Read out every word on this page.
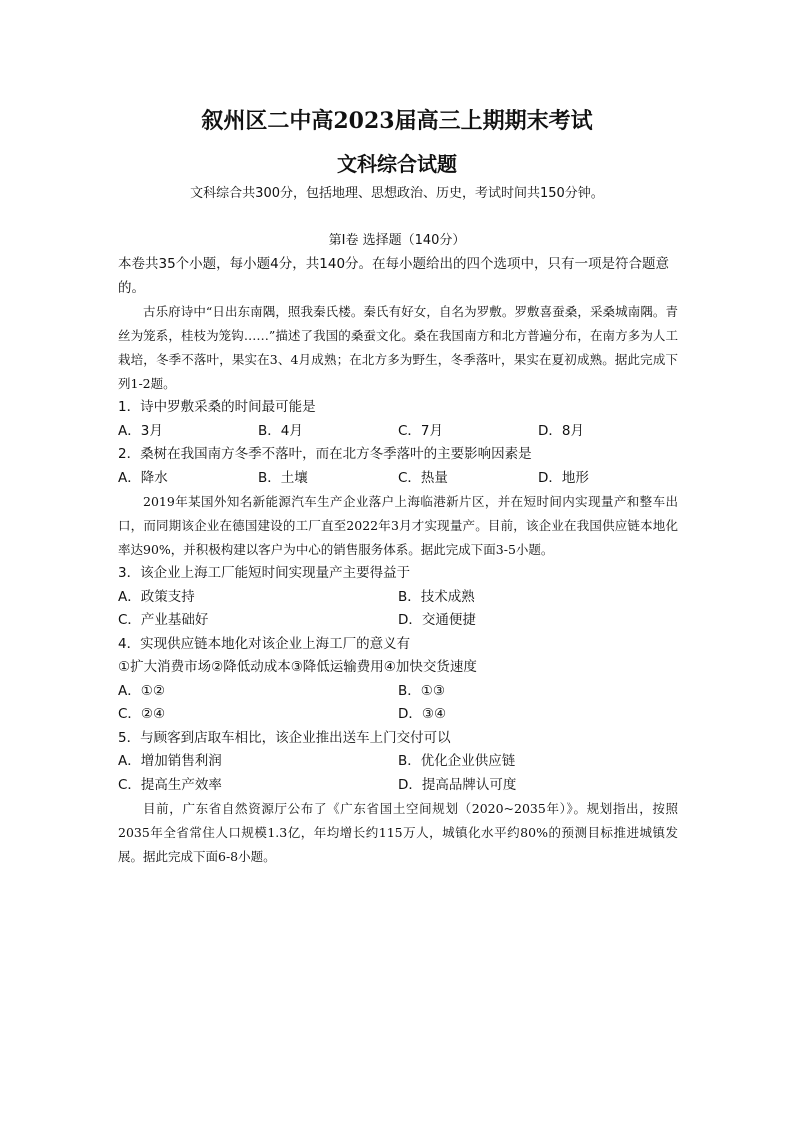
叙州区二中高2023届高三上期期末考试
文科综合试题
文科综合共300分，包括地理、思想政治、历史，考试时间共150分钟。
第I卷 选择题（140分）

本卷共35个小题，每小题4分，共140分。在每小题给出的四个选项中，只有一项是符合题意的。

古乐府诗中“日出东南隅，照我秦氏楼。秦氏有好女，自名为罗敷。罗敷喜蚕桑，采桑城南隅。青丝为笼系，桂枝为笼钩……”描述了我国的桑蚕文化。桑在我国南方和北方普遍分布，在南方多为人工栽培，冬季不落叶，果实在3、4月成熟；在北方多为野生，冬季落叶，果实在夏初成熟。据此完成下列1-2题。

1．诗中罗敷采桑的时间最可能是

A．3月	B．4月	C．7月	D．8月

2．桑树在我国南方冬季不落叶，而在北方冬季落叶的主要影响因素是

A．降水	B．土壤	C．热量	D．地形

2019年某国外知名新能源汽车生产企业落户上海临港新片区，并在短时间内实现量产和整车出口，而同期该企业在德国建设的工厂直至2022年3月才实现量产。目前，该企业在我国供应链本地化率达90%，并积极构建以客户为中心的销售服务体系。据此完成下面3-5小题。

3．该企业上海工厂能短时间实现量产主要得益于

A．政策支持	B．技术成熟
C．产业基础好	D．交通便捷

4．实现供应链本地化对该企业上海工厂的意义有

①扩大消费市场②降低动成本③降低运输费用④加快交货速度

A．①②	B．①③
C．②④	D．③④

5．与顾客到店取车相比，该企业推出送车上门交付可以

A．增加销售利润	B．优化企业供应链
C．提高生产效率	D．提高品牌认可度

目前，广东省自然资源厅公布了《广东省国土空间规划（2020~2035年）》。规划指出，按照2035年全省常住人口规模1.3亿，年均增长约115万人，城镇化水平约80%的预测目标推进城镇发展。据此完成下面6-8小题。
